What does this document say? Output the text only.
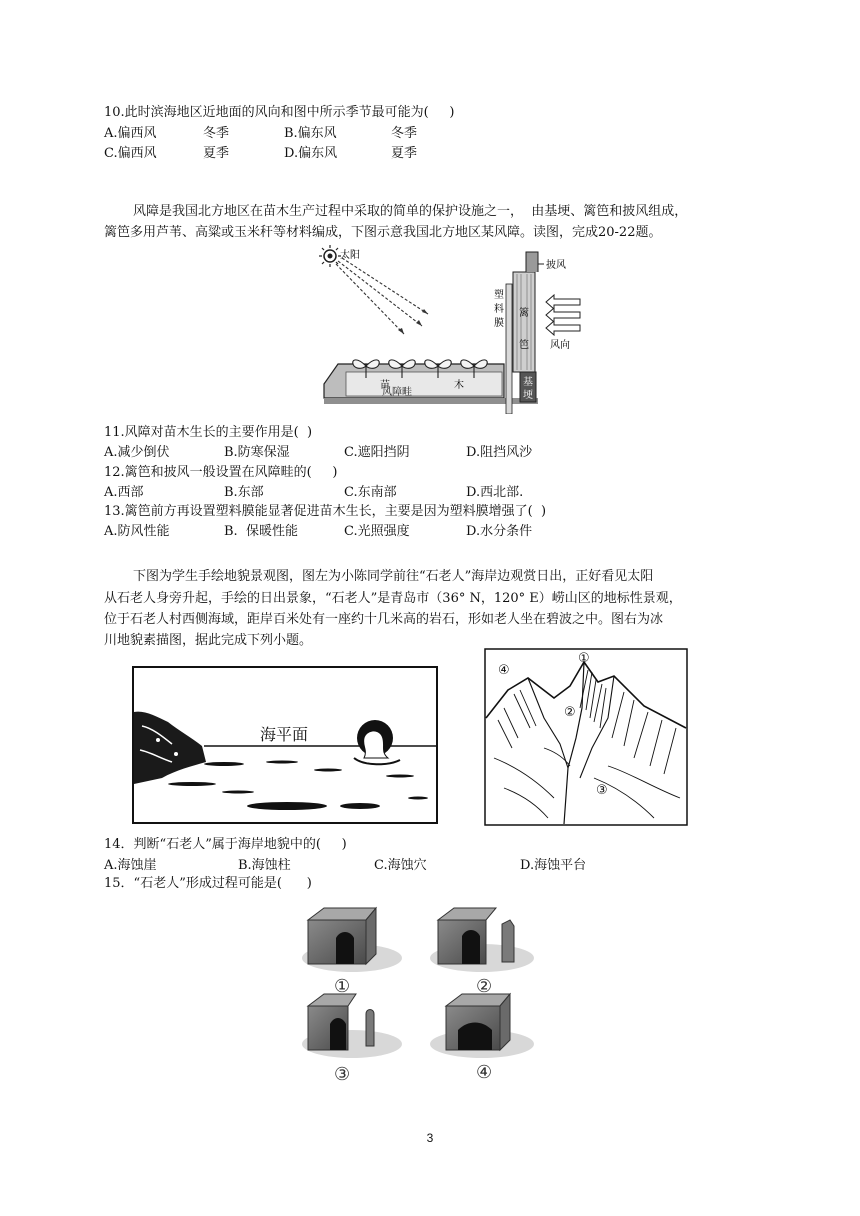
10.此时滨海地区近地面的风向和图中所示季节最可能为(     )
A.偏西风	冬季	B.偏东风	冬季
C.偏西风	夏季	D.偏东风	夏季
风障是我国北方地区在苗木生产过程中采取的简单的保护设施之一，  由基埂、篱笆和披风组成，
篱笆多用芦苇、高粱或玉米秆等材料编成，下图示意我国北方地区某风障。读图，完成20-22题。
太阳
风障畦
苗	木	基
埂
塑
料
膜
篱
笆
披风
风向
11.风障对苗木生长的主要作用是(  )
A.减少倒伏	B.防寒保湿	C.遮阳挡阴	D.阻挡风沙
12.篱笆和披风一般设置在风障畦的(     )
A.西部	B.东部	C.东南部	D.西北部.
13.篱笆前方再设置塑料膜能显著促进苗木生长，主要是因为塑料膜增强了(  )
A.防风性能	B.  保暖性能	C.光照强度	D.水分条件
下图为学生手绘地貌景观图，图左为小陈同学前往“石老人”海岸边观赏日出，正好看见太阳
从石老人身旁升起，手绘的日出景象，“石老人”是青岛市（36° N，120° E）崂山区的地标性景观，
位于石老人村西侧海域，距岸百米处有一座约十几米高的岩石，形如老人坐在碧波之中。图右为冰
川地貌素描图，据此完成下列小题。
海平面
①
②
③
④
14．判断“石老人”属于海岸地貌中的(     )
A.海蚀崖	B.海蚀柱	C.海蚀穴	D.海蚀平台
15．“石老人”形成过程可能是(      )
①	②
③	④
3
